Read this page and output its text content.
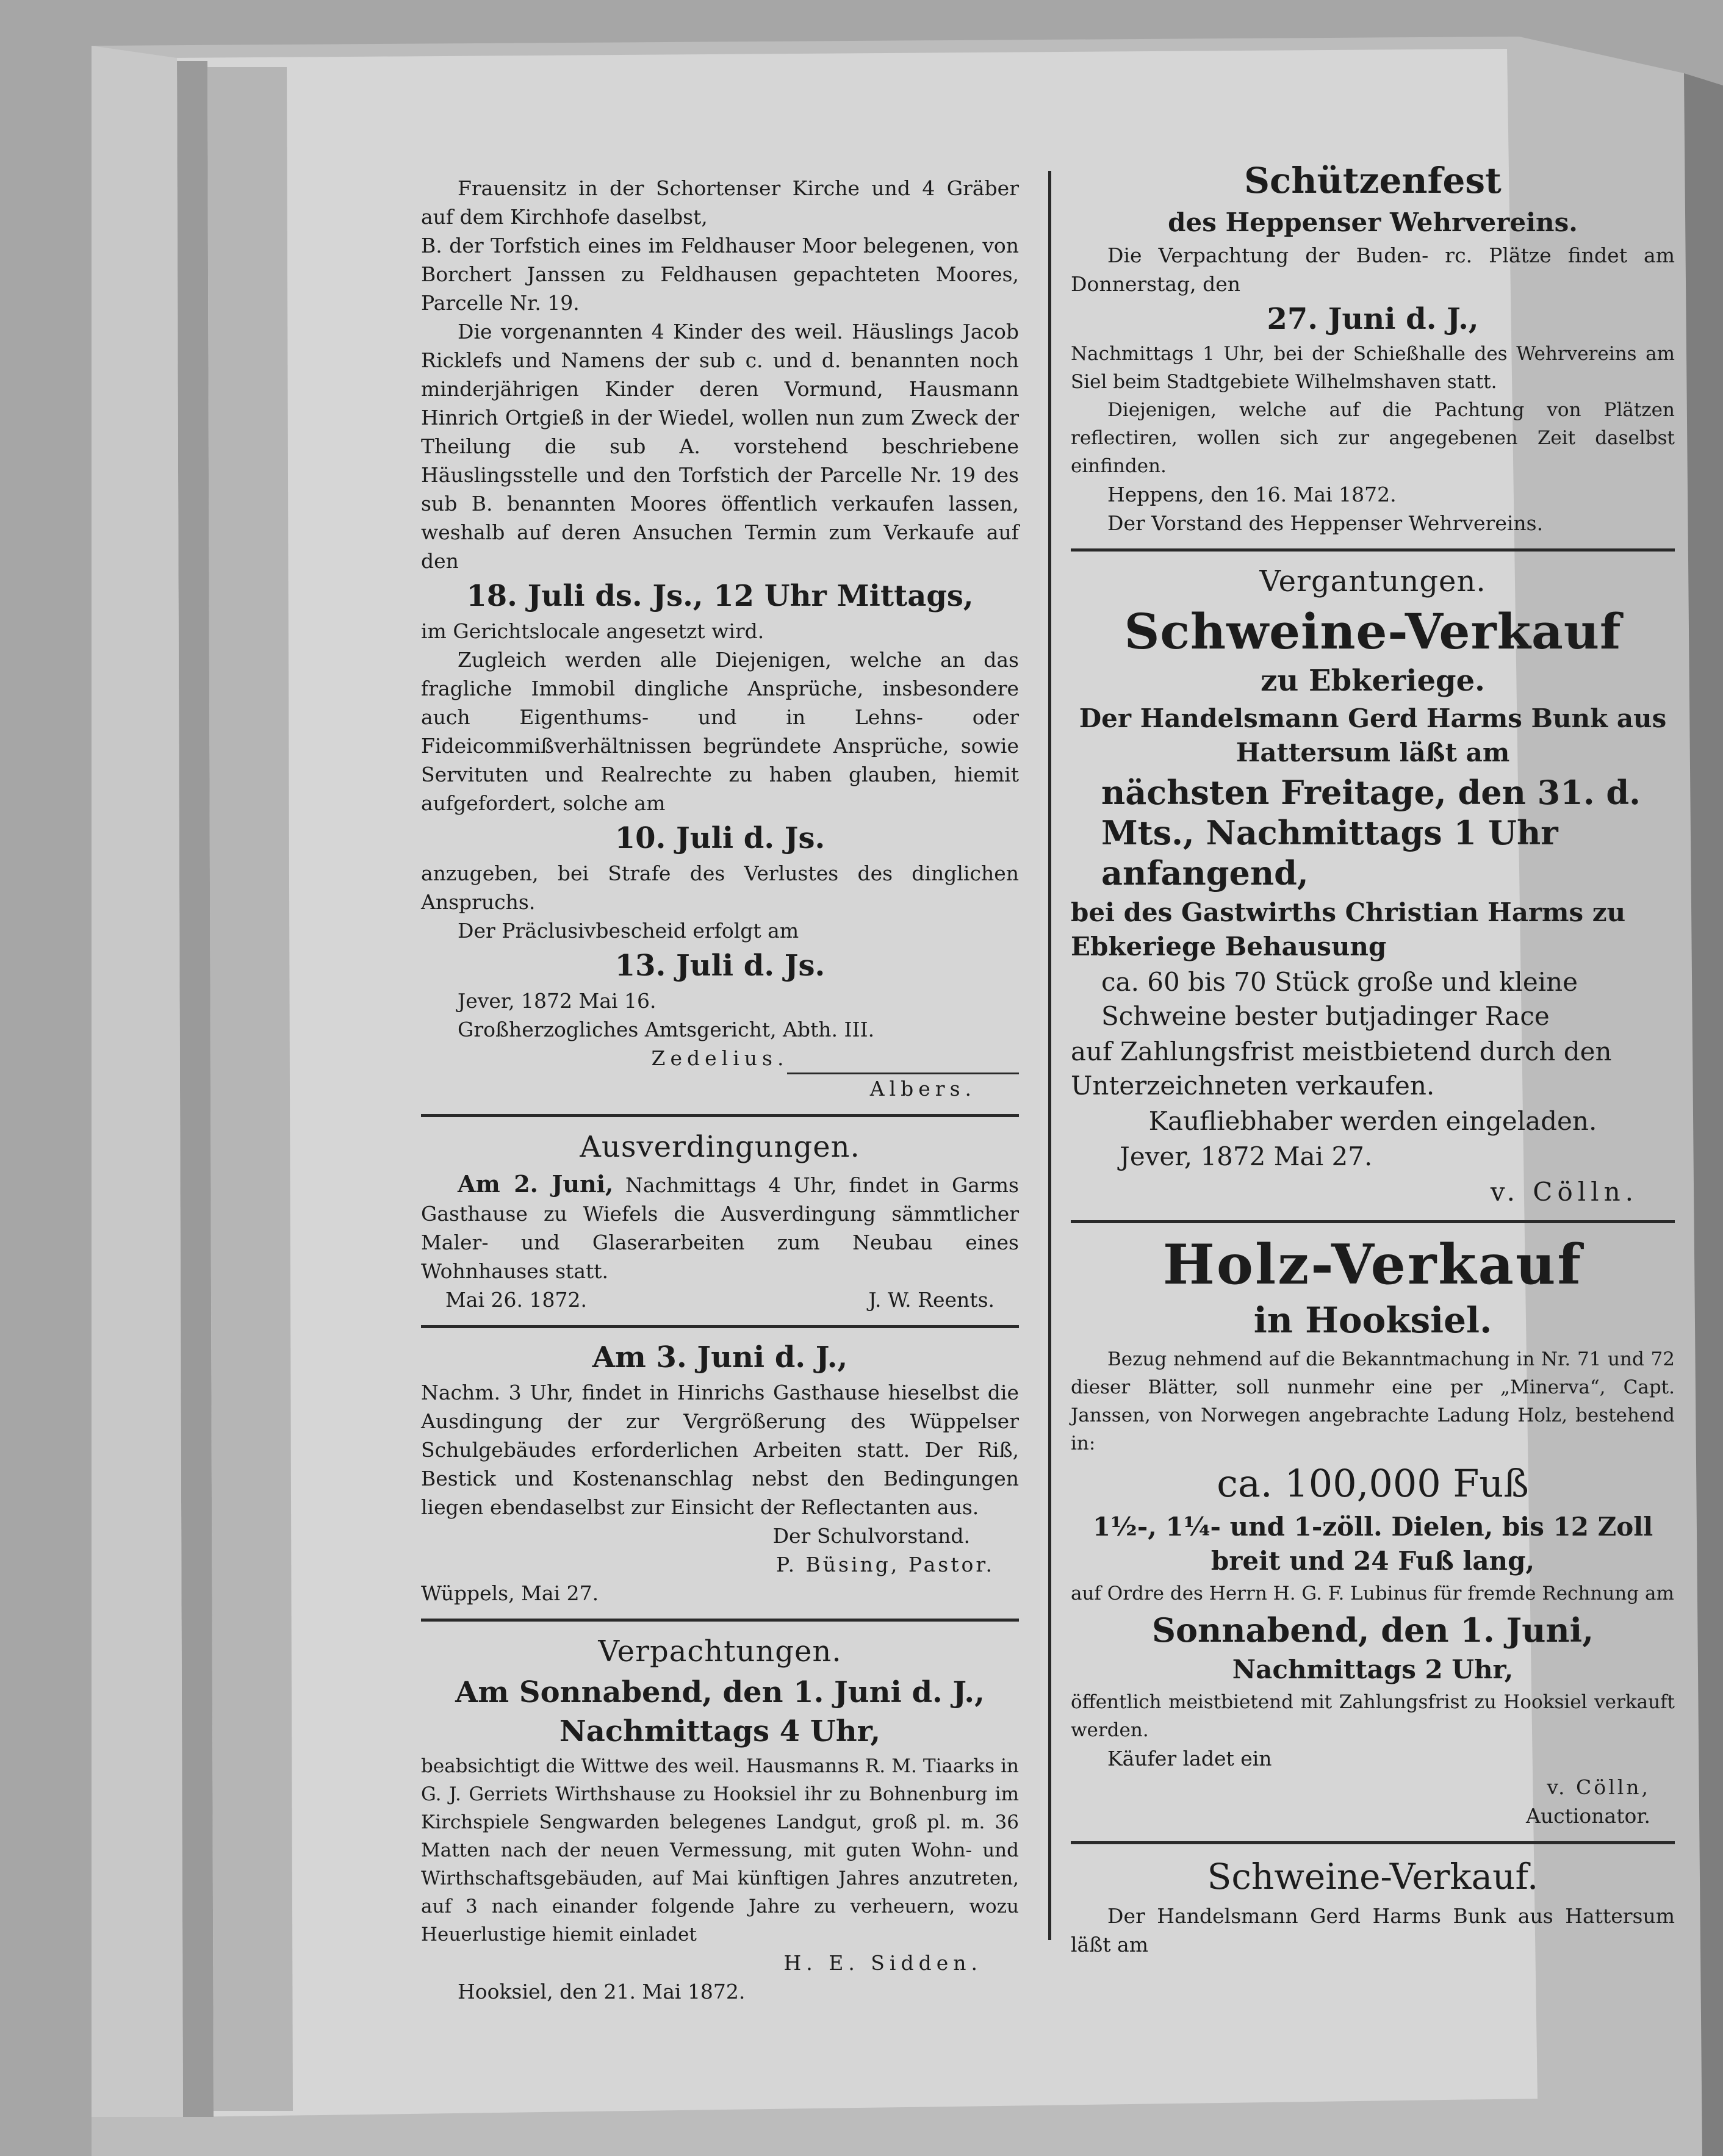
Frauensitz in der Schortenser Kirche und 4 Gräber auf dem Kirchhofe daselbst,

B. der Torfstich eines im Feldhauser Moor belegenen, von Borchert Janssen zu Feldhausen gepachteten Moores, Parcelle Nr. 19.

Die vorgenannten 4 Kinder des weil. Häuslings Jacob Ricklefs und Namens der sub c. und d. benannten noch minderjährigen Kinder deren Vormund, Hausmann Hinrich Ortgieß in der Wiedel, wollen nun zum Zweck der Theilung die sub A. vorstehend beschriebene Häuslingsstelle und den Torfstich der Parcelle Nr. 19 des sub B. benannten Moores öffentlich verkaufen lassen, weshalb auf deren Ansuchen Termin zum Verkaufe auf den

18. Juli ds. Js., 12 Uhr Mittags,

im Gerichtslocale angesetzt wird.

Zugleich werden alle Diejenigen, welche an das fragliche Immobil dingliche Ansprüche, insbesondere auch Eigenthums- und in Lehns- oder Fideicommißverhältnissen begründete Ansprüche, sowie Servituten und Realrechte zu haben glauben, hiemit aufgefordert, solche am

10. Juli d. Js.

anzugeben, bei Strafe des Verlustes des dinglichen Anspruchs.

Der Präclusivbescheid erfolgt am

13. Juli d. Js.

Jever, 1872 Mai 16.

Großherzogliches Amtsgericht, Abth. III.

Zedelius.

Albers.

Ausverdingungen.

Am 2. Juni, Nachmittags 4 Uhr, findet in Garms Gasthause zu Wiefels die Ausverdingung sämmtlicher Maler- und Glaserarbeiten zum Neubau eines Wohnhauses statt.

Mai 26. 1872.	J. W. Reents.

Am 3. Juni d. J.,

Nachm. 3 Uhr, findet in Hinrichs Gasthause hieselbst die Ausdingung der zur Vergrößerung des Wüppelser Schulgebäudes erforderlichen Arbeiten statt. Der Riß, Bestick und Kostenanschlag nebst den Bedingungen liegen ebendaselbst zur Einsicht der Reflectanten aus.

Der Schulvorstand.

P. Büsing, Pastor.

Wüppels, Mai 27.

Verpachtungen.

Am Sonnabend, den 1. Juni d. J.,

Nachmittags 4 Uhr,

beabsichtigt die Wittwe des weil. Hausmanns R. M. Tiaarks in G. J. Gerriets Wirthshause zu Hooksiel ihr zu Bohnenburg im Kirchspiele Sengwarden belegenes Landgut, groß pl. m. 36 Matten nach der neuen Vermessung, mit guten Wohn- und Wirthschaftsgebäuden, auf Mai künftigen Jahres anzutreten, auf 3 nach einander folgende Jahre zu verheuern, wozu Heuerlustige hiemit einladet

H. E. Sidden.

Hooksiel, den 21. Mai 1872.

Schützenfest

des Heppenser Wehrvereins.

Die Verpachtung der Buden- rc. Plätze findet am Donnerstag, den

27. Juni d. J.,

Nachmittags 1 Uhr, bei der Schießhalle des Wehrvereins am Siel beim Stadtgebiete Wilhelmshaven statt.

Diejenigen, welche auf die Pachtung von Plätzen reflectiren, wollen sich zur angegebenen Zeit daselbst einfinden.

Heppens, den 16. Mai 1872.

Der Vorstand des Heppenser Wehrvereins.

Vergantungen.

Schweine-Verkauf

zu Ebkeriege.

Der Handelsmann Gerd Harms Bunk aus Hattersum läßt am

nächsten Freitage, den 31. d. Mts., Nachmittags 1 Uhr anfangend,

bei des Gastwirths Christian Harms zu Ebkeriege Behausung

ca. 60 bis 70 Stück große und kleine Schweine bester butjadinger Race

auf Zahlungsfrist meistbietend durch den Unterzeichneten verkaufen.

Kaufliebhaber werden eingeladen.

Jever, 1872 Mai 27.

v. Cölln.

Holz-Verkauf

in Hooksiel.

Bezug nehmend auf die Bekanntmachung in Nr. 71 und 72 dieser Blätter, soll nunmehr eine per „Minerva“, Capt. Janssen, von Norwegen angebrachte Ladung Holz, bestehend in:

ca. 100,000 Fuß

1½-, 1¼- und 1-zöll. Dielen, bis 12 Zoll breit und 24 Fuß lang,

auf Ordre des Herrn H. G. F. Lubinus für fremde Rechnung am

Sonnabend, den 1. Juni,

Nachmittags 2 Uhr,

öffentlich meistbietend mit Zahlungsfrist zu Hooksiel verkauft werden.

Käufer ladet ein

v. Cölln,

Auctionator.

Schweine-Verkauf.

Der Handelsmann Gerd Harms Bunk aus Hattersum läßt am
